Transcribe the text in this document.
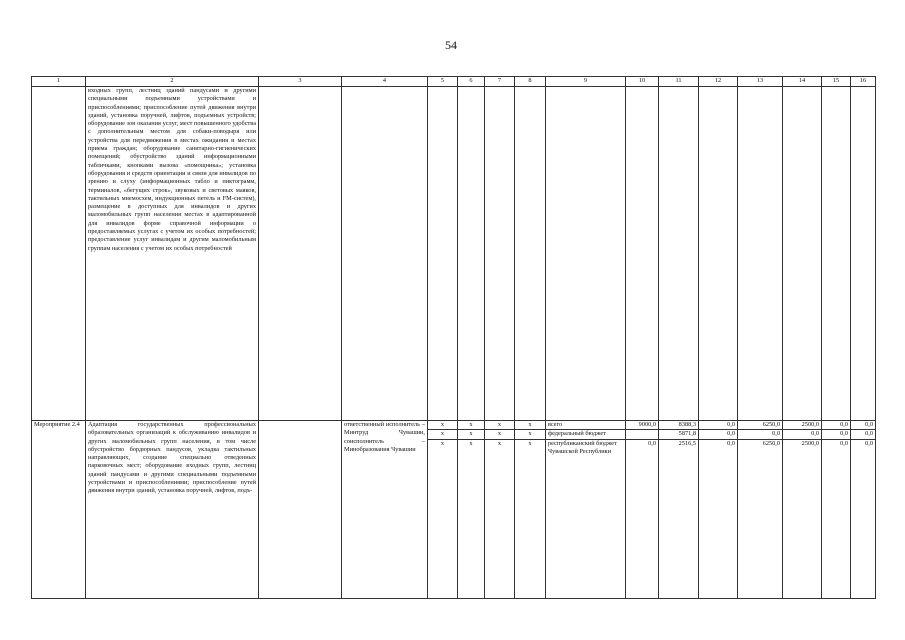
54
1	2	3	4	5	6	7	8	9	10	11	12	13	14	15	16
	входных групп, лестниц зданий пандусами и другими специальными подъемными устройствами и приспособлениями; приспособление путей движения внутри зданий, установка поручней, лифтов, подъемных устройств; оборудование зон оказания услуг, мест повышенного удобства с дополнительным местом для собаки-поводыря или устройства для передвижения в местах ожидания и местах приема граждан; оборудование санитарно-гигиенических помещений; обустройство зданий информационными табличками, кнопками вызова «помощника»; установка оборудования и средств ориентации и связи для инвалидов по зрению и слуху (информационных табло и пиктограмм, терминалов, «бегущих строк», звуковых и световых маяков, тактильных мнемосхем, индукционных петель и FM-систем), размещение в доступных для инвалидов и других маломобильных групп населения местах в адаптированной для инвалидов форме справочной информации о предоставляемых услугах с учетом их особых потребностей; предоставление услуг инвалидам и другим маломобильным группам населения с учетом их особых потребностей														
Мероприятие 2.4	Адаптация государственных профессиональных образовательных организаций к обслуживанию инвалидов и других маломобильных групп населения, в том числе обустройство бордюрных пандусов, укладка тактильных направляющих, создание специально отведенных парковочных мест; оборудование входных групп, лестниц зданий пандусами и другими специальными подъемными устройствами и приспособлениями; приспособление путей движения внутри зданий, установка поручней, лифтов, подъ-		ответственный исполнитель – Минтруд Чувашии, соисполнитель – Минобразования Чувашии	x	x	x	x	всего	9000,0	8388,3	0,0	6250,0	2500,0	0,0	0,0
				x	x	x	x	федеральный бюджет		5871,8	0,0	0,0	0,0	0,0	0,0
				x	x	x	x	республиканский бюджет Чувашской Республики	0,0	2516,5	0,0	6250,0	2500,0	0,0	0,0
